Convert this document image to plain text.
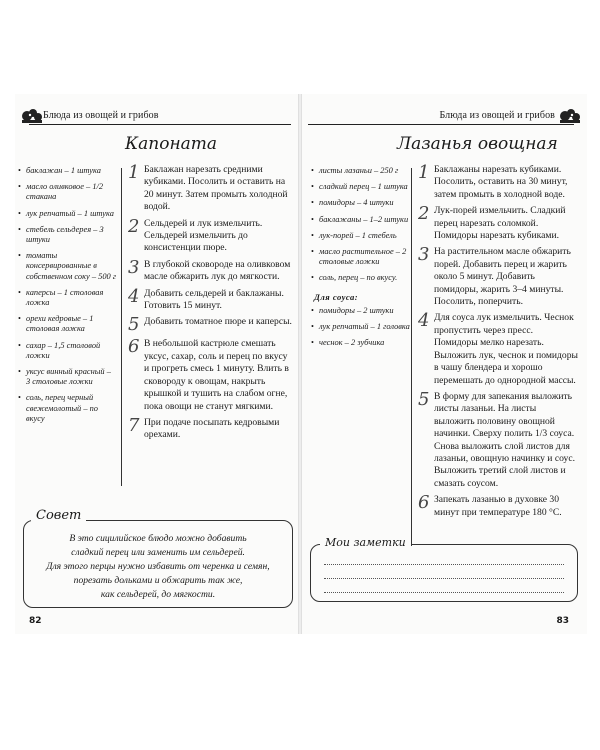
Блюда из овощей и грибов
Капоната
• баклажан – 1 штука
• масло оливковое – 1/2 стакана
• лук репчатый – 1 штука
• стебель сельдерея – 3 штуки
• томаты консервированные в собственном соку – 500 г
• каперсы – 1 столовая ложка
• орехи кедровые – 1 столовая ложка
• сахар – 1,5 столовой ложки
• уксус винный красный – 3 столовые ложки
• соль, перец черный свежемолотый – по вкусу
1 Баклажан нарезать средними кубиками. Посолить и оставить на 20 минут. Затем промыть холодной водой.
2 Сельдерей и лук измельчить. Сельдерей измельчить до консистенции пюре.
3 В глубокой сковороде на оливковом масле обжарить лук до мягкости.
4 Добавить сельдерей и баклажаны. Готовить 15 минут.
5 Добавить томатное пюре и каперсы.
6 В небольшой кастрюле смешать уксус, сахар, соль и перец по вкусу и прогреть смесь 1 минуту. Влить в сковороду к овощам, накрыть крышкой и тушить на слабом огне, пока овощи не станут мягкими.
7 При подаче посыпать кедровыми орехами.
Совет
В это сицилийское блюдо можно добавить
сладкий перец или заменить им сельдерей.
Для этого перцы нужно избавить от черенка и семян,
порезать дольками и обжарить так же,
как сельдерей, до мягкости.
82
Блюда из овощей и грибов
Лазанья овощная
• листы лазаньи – 250 г
• сладкий перец – 1 штука
• помидоры – 4 штуки
• баклажаны – 1–2 штуки
• лук-порей – 1 стебель
• масло растительное – 2 столовые ложки
• соль, перец – по вкусу.
Для соуса:
• помидоры – 2 штуки
• лук репчатый – 1 головка
• чеснок – 2 зубчика
1 Баклажаны нарезать кубиками. Посолить, оставить на 30 минут, затем промыть в холодной воде.
2 Лук-порей измельчить. Сладкий перец нарезать соломкой. Помидоры нарезать кубиками.
3 На растительном масле обжарить порей. Добавить перец и жарить около 5 минут. Добавить помидоры, жарить 3–4 минуты. Посолить, поперчить.
4 Для соуса лук измельчить. Чеснок пропустить через пресс. Помидоры мелко нарезать. Выложить лук, чеснок и помидоры в чашу блендера и хорошо перемешать до однородной массы.
5 В форму для запекания выложить листы лазаньи. На листы выложить половину овощной начинки. Сверху полить 1/3 соуса. Снова выложить слой листов для лазаньи, овощную начинку и соус. Выложить третий слой листов и смазать соусом.
6 Запекать лазанью в духовке 30 минут при температуре 180 °С.
Мои заметки
83
